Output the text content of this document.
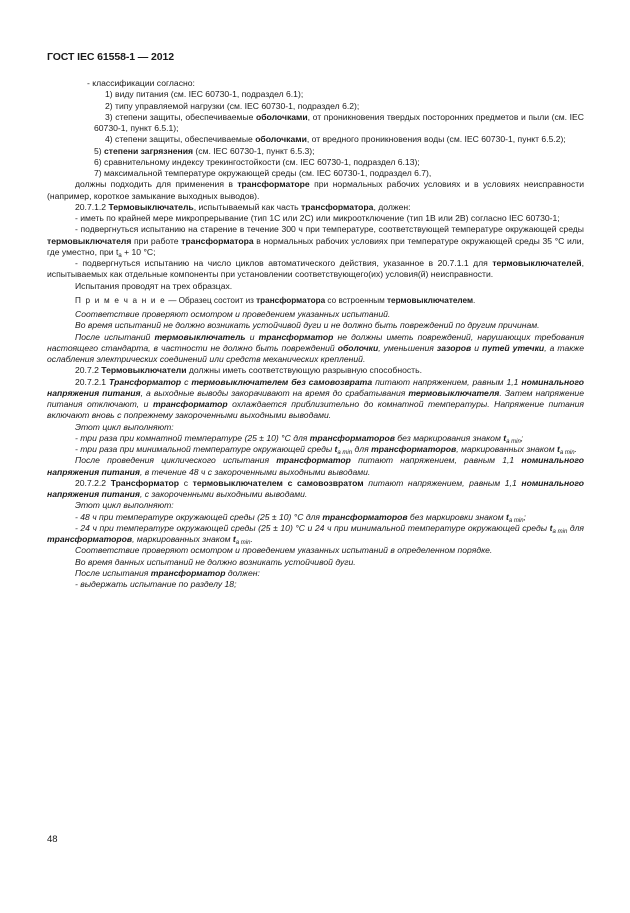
ГОСТ IEC 61558-1 — 2012

- классификации согласно:

1) виду питания (см. IEC 60730-1, подраздел 6.1);

2) типу управляемой нагрузки (см. IEC 60730-1, подраздел 6.2);

3) степени защиты, обеспечиваемые оболочками, от проникновения твердых посторонних предметов и пыли (см. IEC 60730-1, пункт 6.5.1);

4) степени защиты, обеспечиваемые оболочками, от вредного проникновения воды (см. IEC 60730-1, пункт 6.5.2);

5) степени загрязнения (см. IEC 60730-1, пункт 6.5.3);

6) сравнительному индексу трекингостойкости (см. IEC 60730-1, подраздел 6.13);

7) максимальной температуре окружающей среды (см. IEC 60730-1, подраздел 6.7),

должны подходить для применения в трансформаторе при нормальных рабочих условиях и в условиях неисправности (например, короткое замыкание выходных выводов).

20.7.1.2 Термовыключатель, испытываемый как часть трансформатора, должен:

- иметь по крайней мере микропрерывание (тип 1С или 2С) или микроотключение (тип 1В или 2В) согласно IEC 60730-1;

- подвергнуться испытанию на старение в течение 300 ч при температуре, соответствующей температуре окружающей среды термовыключателя при работе трансформатора в нормальных рабочих условиях при температуре окружающей среды 35 °С или, где уместно, при $t_a + 10$ °С;

- подвергнуться испытанию на число циклов автоматического действия, указанное в 20.7.1.1 для термовыключателей, испытываемых как отдельные компоненты при установлении соответствующего(их) условия(й) неисправности.

Испытания проводят на трех образцах.

П р и м е ч а н и е — Образец состоит из трансформатора со встроенным термовыключателем.

Соответствие проверяют осмотром и проведением указанных испытаний.

Во время испытаний не должно возникать устойчивой дуги и не должно быть повреждений по другим причинам.

После испытаний термовыключатель и трансформатор не должны иметь повреждений, нарушающих требования настоящего стандарта, в частности не должно быть повреждений оболочки, уменьшения зазоров и путей утечки, а также ослабления электрических соединений или средств механических креплений.

20.7.2 Термовыключатели должны иметь соответствующую разрывную способность.

20.7.2.1 Трансформатор с термовыключателем без самовозврата питают напряжением, равным 1,1 номинального напряжения питания, а выходные выводы закорачивают на время до срабатывания термовыключателя. Затем напряжение питания отключают, и трансформатор охлаждается приблизительно до комнатной температуры. Напряжение питания включают вновь с попрежнему закороченными выходными выводами.

Этот цикл выполняют:

- три раза при комнатной температуре (25 ± 10) °С для трансформаторов без маркирования знаком $t_{a min}$;

- три раза при минимальной температуре окружающей среды $t_{a min}$ для трансформаторов, маркированных знаком $t_{a min}$.

После проведения циклического испытания трансформатор питают напряжением, равным 1,1 номинального напряжения питания, в течение 48 ч с закороченными выходными выводами.

20.7.2.2 Трансформатор с термовыключателем с самовозвратом питают напряжением, равным 1,1 номинального напряжения питания, с закороченными выходными выводами.

Этот цикл выполняют:

- 48 ч при температуре окружающей среды (25 ± 10) °С для трансформаторов без маркировки знаком $t_{a min}$;

- 24 ч при температуре окружающей среды (25 ± 10) °С и 24 ч при минимальной температуре окружающей среды $t_{a min}$ для трансформаторов, маркированных знаком $t_{a min}$.

Соответствие проверяют осмотром и проведением указанных испытаний в определенном порядке.

Во время данных испытаний не должно возникать устойчивой дуги.

После испытания трансформатор должен:

- выдержать испытание по разделу 18;

48
